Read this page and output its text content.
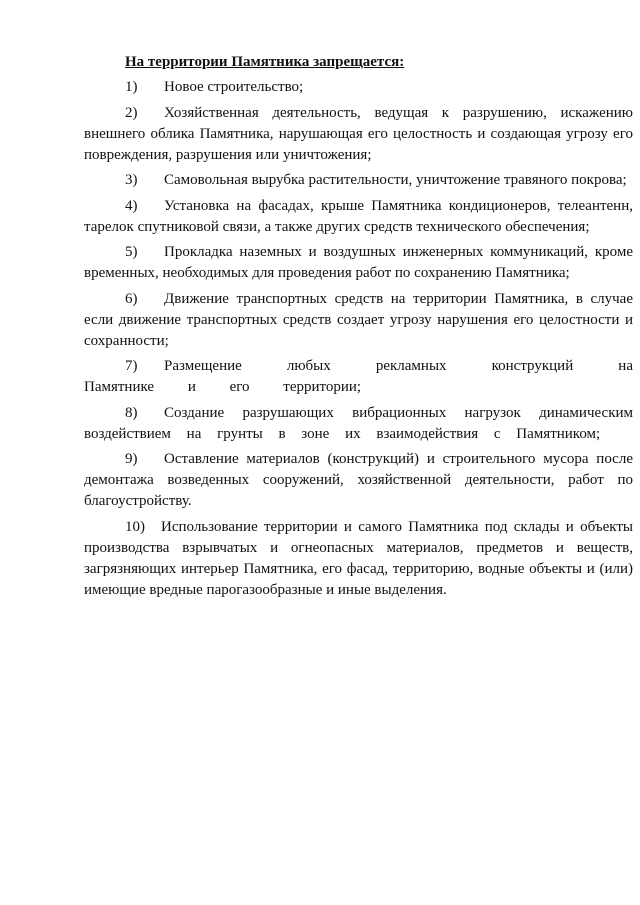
На территории Памятника запрещается:
1) Новое строительство;
2) Хозяйственная деятельность, ведущая к разрушению, искажению внешнего облика Памятника, нарушающая его целостность и создающая угрозу его повреждения, разрушения или уничтожения;
3) Самовольная вырубка растительности, уничтожение травяного покрова;
4) Установка на фасадах, крыше Памятника кондиционеров, телеантенн, тарелок спутниковой связи, а также других средств технического обеспечения;
5) Прокладка наземных и воздушных инженерных коммуникаций, кроме временных, необходимых для проведения работ по сохранению Памятника;
6) Движение транспортных средств на территории Памятника, в случае если движение транспортных средств создает угрозу нарушения его целостности и сохранности;
7) Размещение любых рекламных конструкций на Памятнике и его территории;
8) Создание разрушающих вибрационных нагрузок динамическим воздействием на грунты в зоне их взаимодействия с Памятником;
9) Оставление материалов (конструкций) и строительного мусора после демонтажа возведенных сооружений, хозяйственной деятельности, работ по благоустройству.
10) Использование территории и самого Памятника под склады и объекты производства взрывчатых и огнеопасных материалов, предметов и веществ, загрязняющих интерьер Памятника, его фасад, территорию, водные объекты и (или) имеющие вредные парогазообразные и иные выделения.
